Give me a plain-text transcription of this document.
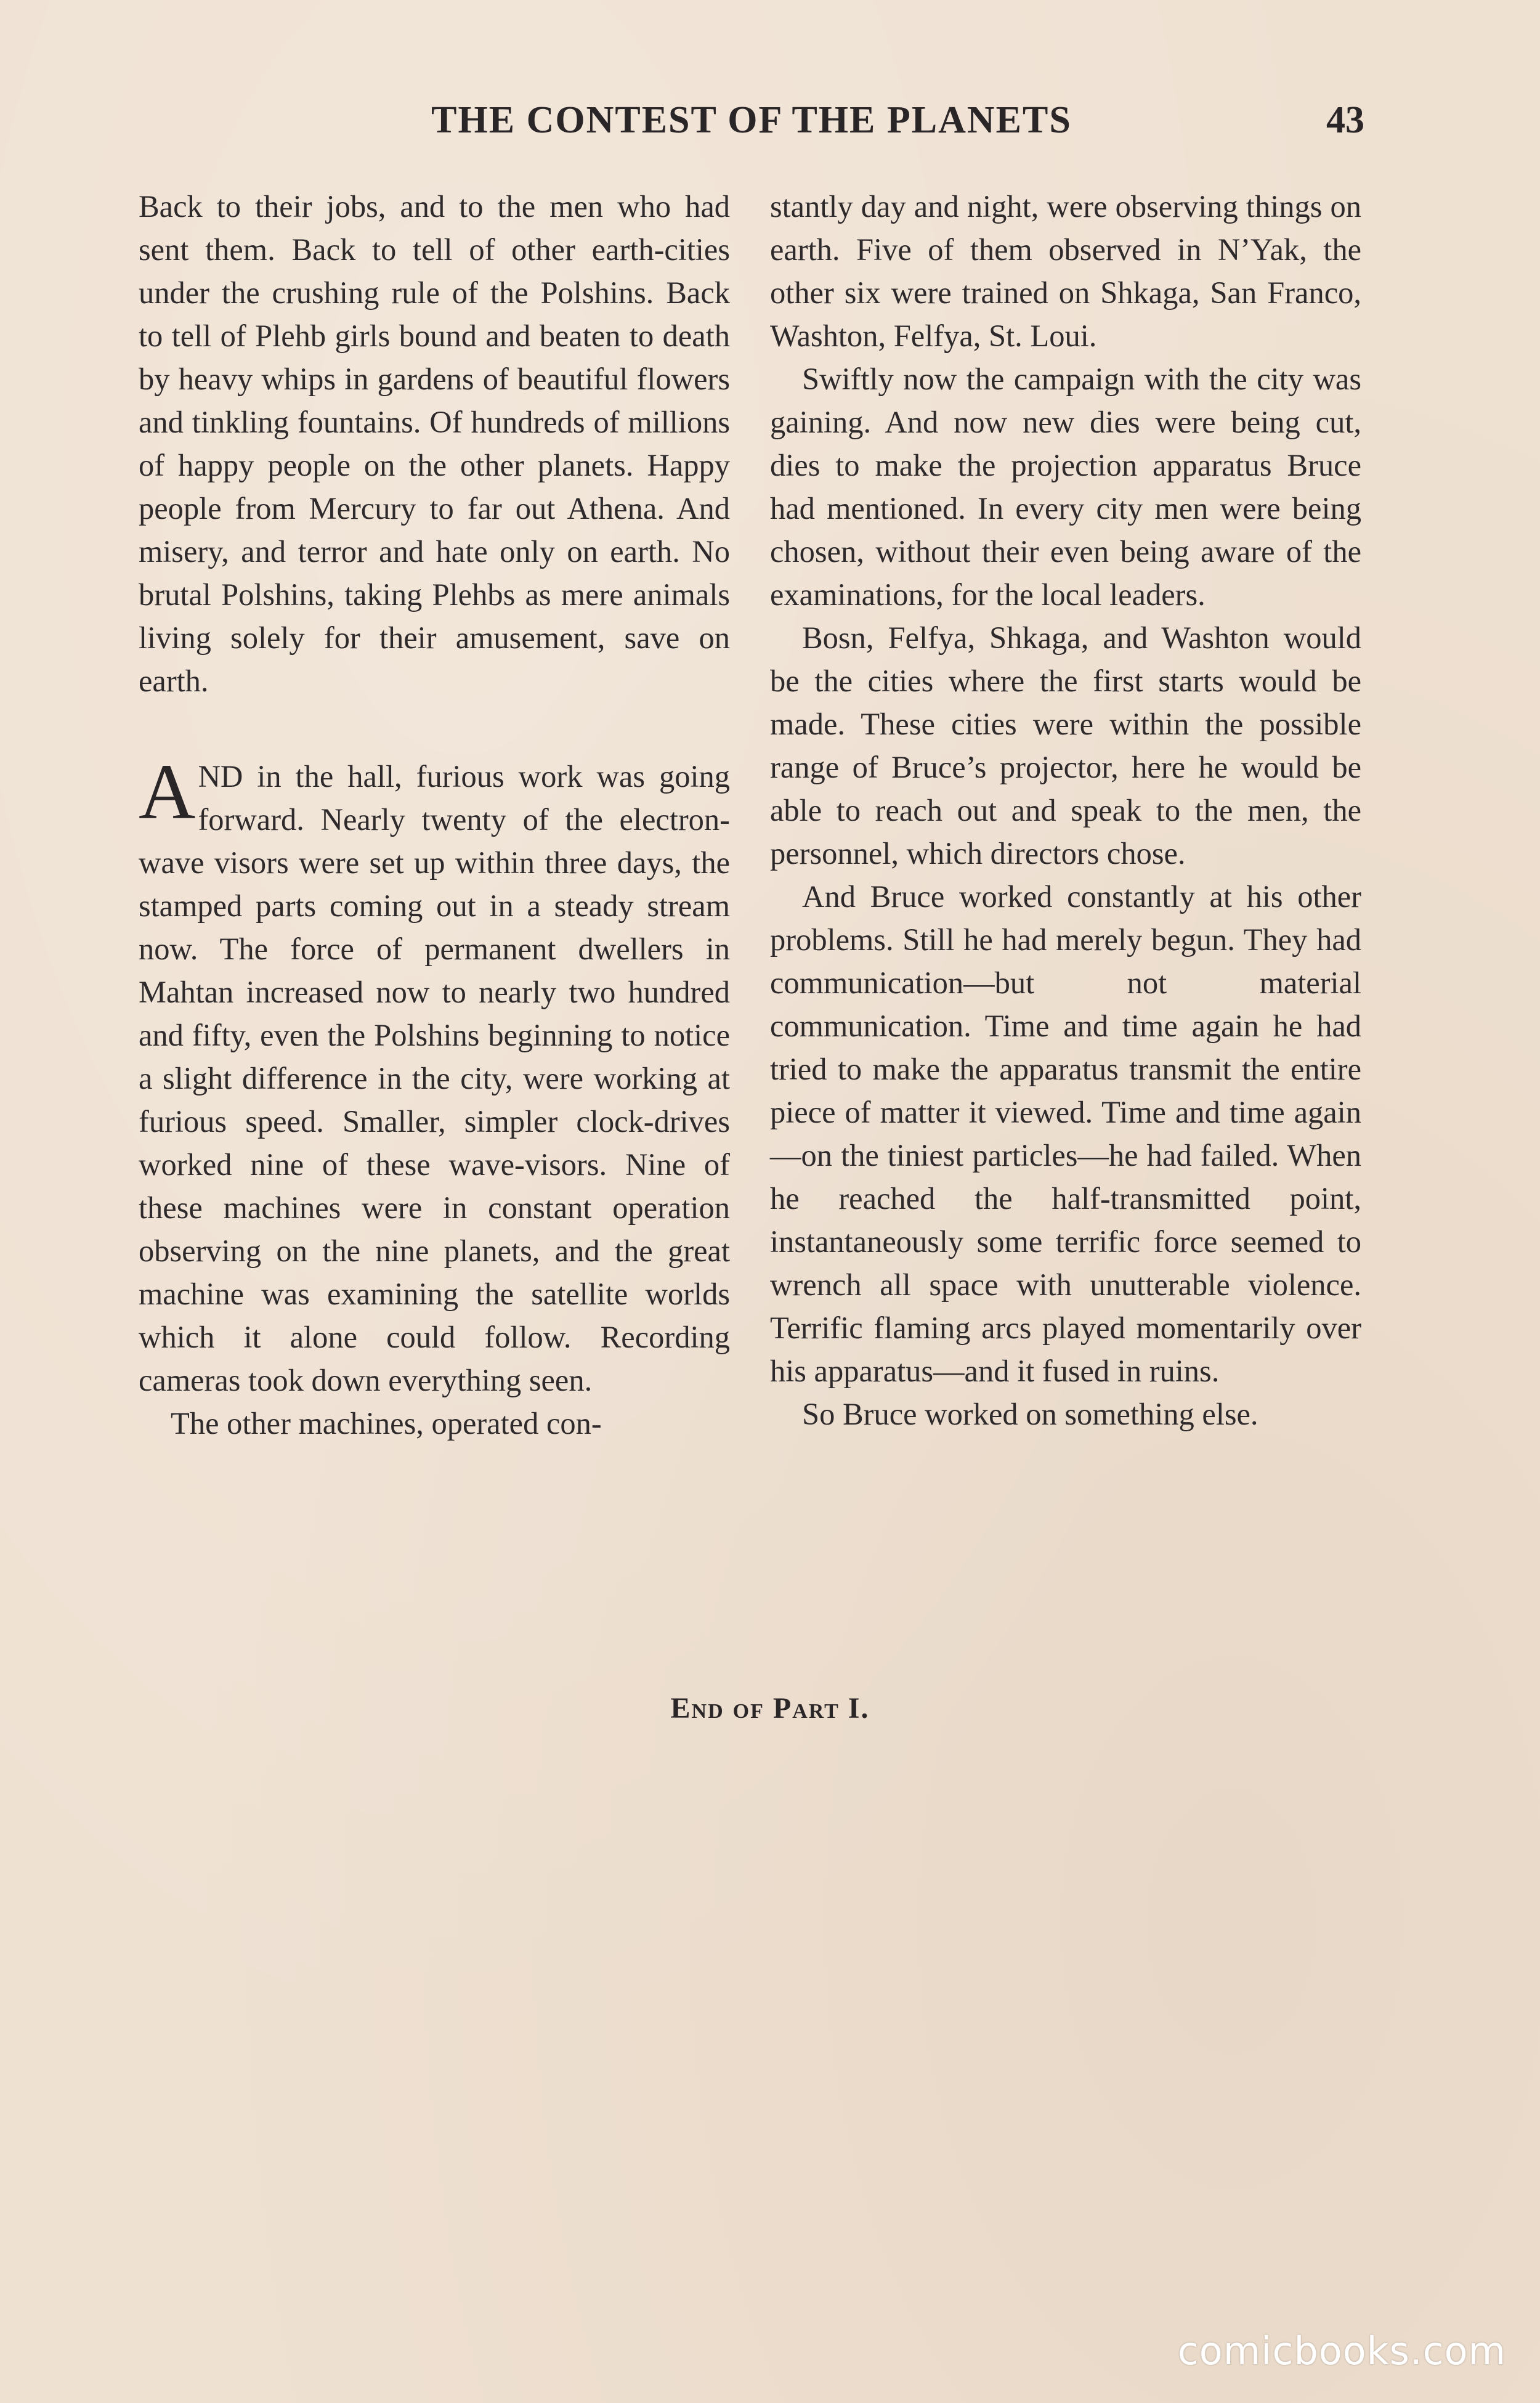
THE CONTEST OF THE PLANETS	43

Back to their jobs, and to the men who had sent them. Back to tell of other earth-cities under the crushing rule of the Polshins. Back to tell of Plehb girls bound and beaten to death by heavy whips in gardens of beautiful flowers and tinkling fountains. Of hundreds of millions of happy people on the other planets. Happy people from Mercury to far out Athena. And misery, and terror and hate only on earth. No brutal Polshins, taking Plehbs as mere animals living solely for their amusement, save on earth.

AND in the hall, furious work was going forward. Nearly twenty of the electron-wave visors were set up within three days, the stamped parts coming out in a steady stream now. The force of permanent dwellers in Mahtan increased now to nearly two hundred and fifty, even the Polshins beginning to notice a slight difference in the city, were working at furious speed. Smaller, simpler clock-drives worked nine of these wave-visors. Nine of these machines were in constant operation observing on the nine planets, and the great machine was examining the satellite worlds which it alone could follow. Recording cameras took down everything seen.

The other machines, operated con-

stantly day and night, were observing things on earth. Five of them observed in N’Yak, the other six were trained on Shkaga, San Franco, Washton, Felfya, St. Loui.

Swiftly now the campaign with the city was gaining. And now new dies were being cut, dies to make the projection apparatus Bruce had mentioned. In every city men were being chosen, without their even being aware of the examinations, for the local leaders.

Bosn, Felfya, Shkaga, and Washton would be the cities where the first starts would be made. These cities were within the possible range of Bruce’s projector, here he would be able to reach out and speak to the men, the personnel, which directors chose.

And Bruce worked constantly at his other problems. Still he had merely begun. They had communication—but not material communication. Time and time again he had tried to make the apparatus transmit the entire piece of matter it viewed. Time and time again—on the tiniest particles—he had failed. When he reached the half-transmitted point, instantaneously some terrific force seemed to wrench all space with unutterable violence. Terrific flaming arcs played momentarily over his apparatus—and it fused in ruins.

So Bruce worked on something else.

End of Part I.
comicbooks.com
